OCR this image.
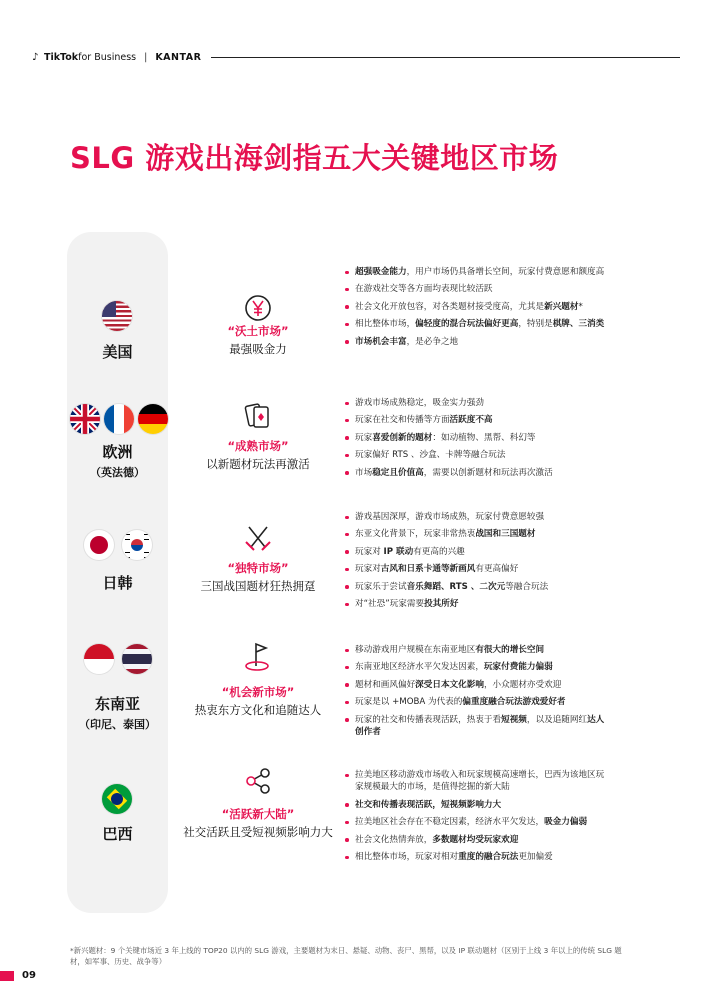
♪ TikTok for Business | KANTAR
SLG 游戏出海剑指五大关键地区市场
美国
“沃土市场”
最强吸金力
超强吸金能力，用户市场仍具备增长空间，玩家付费意愿和额度高
在游戏社交等各方面均表现比较活跃
社会文化开放包容，对各类题材接受度高，尤其是新兴题材*
相比整体市场，偏轻度的混合玩法偏好更高，特别是棋牌、三消类
市场机会丰富，是必争之地
欧洲
（英法德）
“成熟市场”
以新题材玩法再激活
游戏市场成熟稳定，吸金实力强劲
玩家在社交和传播等方面活跃度不高
玩家喜爱创新的题材：如动植物、黑帮、科幻等
玩家偏好 RTS 、沙盒、卡牌等融合玩法
市场稳定且价值高，需要以创新题材和玩法再次激活
日韩
“独特市场”
三国战国题材狂热拥趸
游戏基因深厚，游戏市场成熟，玩家付费意愿较强
东亚文化背景下，玩家非常热衷战国和三国题材
玩家对 IP 联动有更高的兴趣
玩家对古风和日系卡通等新画风有更高偏好
玩家乐于尝试音乐舞蹈、RTS 、二次元等融合玩法
对“社恐”玩家需要投其所好
东南亚
（印尼、泰国）
“机会新市场”
热衷东方文化和追随达人
移动游戏用户规模在东南亚地区有很大的增长空间
东南亚地区经济水平欠发达因素，玩家付费能力偏弱
题材和画风偏好深受日本文化影响，小众题材亦受欢迎
玩家是以 +MOBA 为代表的偏重度融合玩法游戏爱好者
玩家的社交和传播表现活跃，热衷于看短视频，以及追随网红达人创作者
巴西
“活跃新大陆”
社交活跃且受短视频影响力大
拉美地区移动游戏市场收入和玩家规模高速增长，巴西为该地区玩家规模最大的市场，是值得挖掘的新大陆
社交和传播表现活跃，短视频影响力大
拉美地区社会存在不稳定因素，经济水平欠发达，吸金力偏弱
社会文化热情奔放，多数题材均受玩家欢迎
相比整体市场，玩家对相对重度的融合玩法更加偏爱
*新兴题材：9 个关键市场近 3 年上线的 TOP20 以内的 SLG 游戏，主要题材为末日、悬疑、动物、丧尸、黑帮，以及 IP 联动题材（区别于上线 3 年以上的传统 SLG 题材，如军事、历史、战争等）
09
